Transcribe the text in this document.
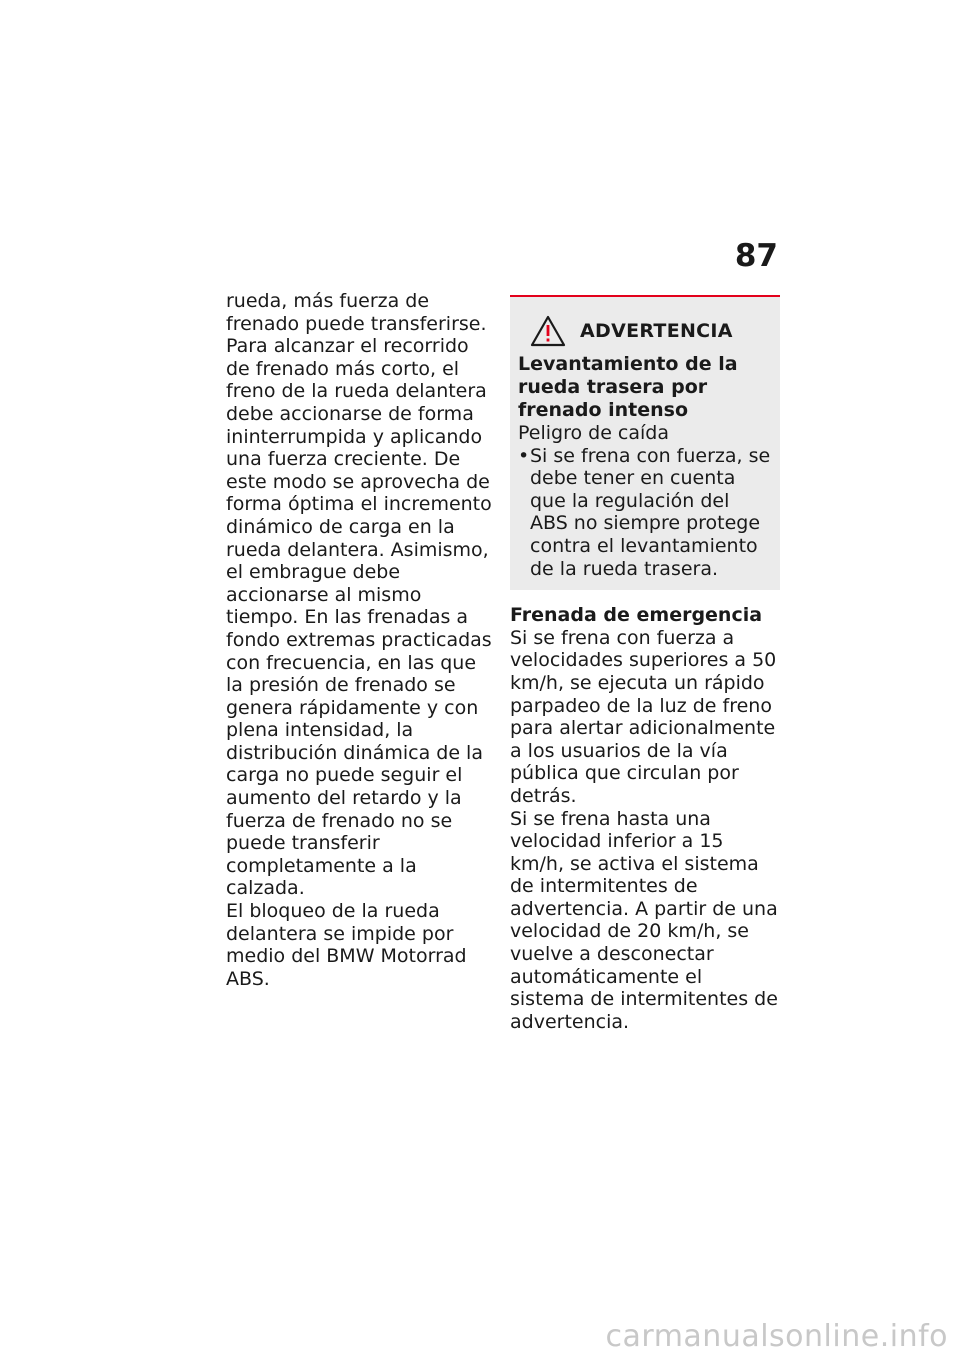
87

rueda, más fuerza de frenado puede transferirse.

Para alcanzar el recorrido de frenado más corto, el freno de la rueda delantera debe accionarse de forma ininterrumpida y aplicando una fuerza creciente. De este modo se aprovecha de forma óptima el incremento dinámico de carga en la rueda delantera. Asimismo, el embrague debe accionarse al mismo tiempo. En las frenadas a fondo extremas practicadas con frecuencia, en las que la presión de frenado se genera rápidamente y con plena intensidad, la distribución dinámica de la carga no puede seguir el aumento del retardo y la fuerza de frenado no se puede transferir completamente a la calzada.

El bloqueo de la rueda delantera se impide por medio del BMW Motorrad ABS.

ADVERTENCIA

Levantamiento de la rueda trasera por frenado intenso

Peligro de caída

• Si se frena con fuerza, se debe tener en cuenta que la regulación del ABS no siempre protege contra el levantamiento de la rueda trasera.

Frenada de emergencia

Si se frena con fuerza a velocidades superiores a 50 km/h, se ejecuta un rápido parpadeo de la luz de freno para alertar adicionalmente a los usuarios de la vía pública que circulan por detrás.

Si se frena hasta una velocidad inferior a 15 km/h, se activa el sistema de intermitentes de advertencia. A partir de una velocidad de 20 km/h, se vuelve a desconectar automáticamente el sistema de intermitentes de advertencia.

carmanualsonline.info
